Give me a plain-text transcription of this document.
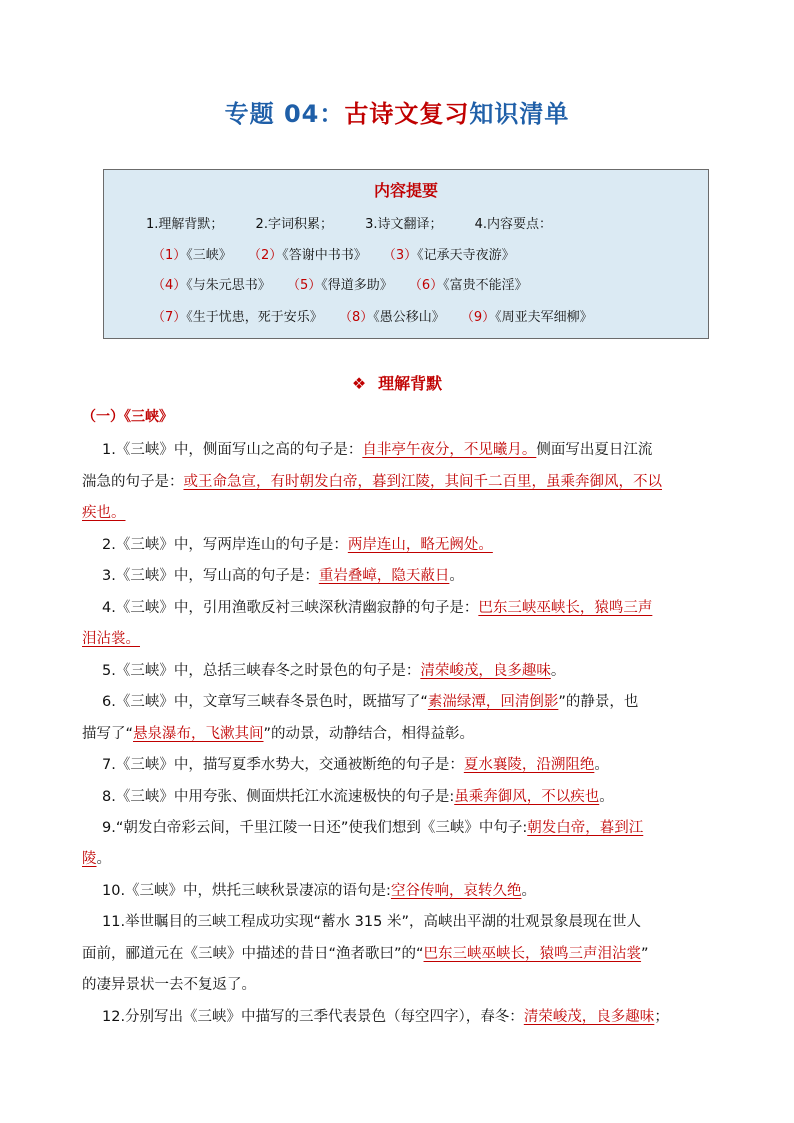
专题 04：古诗文复习知识清单
内容提要
1.理解背默； 2.字词积累； 3.诗文翻译； 4.内容要点：
（1）《三峡》 （2）《答谢中书书》 （3）《记承天寺夜游》
（4）《与朱元思书》 （5）《得道多助》 （6）《富贵不能淫》
（7）《生于忧患，死于安乐》 （8）《愚公移山》 （9）《周亚夫军细柳》
❖ 理解背默
（一）《三峡》
1.《三峡》中，侧面写山之高的句子是：自非亭午夜分，不见曦月。侧面写出夏日江流
湍急的句子是：或王命急宣，有时朝发白帝，暮到江陵，其间千二百里，虽乘奔御风，不以
疾也。
2.《三峡》中，写两岸连山的句子是：两岸连山，略无阙处。
3.《三峡》中，写山高的句子是：重岩叠嶂，隐天蔽日。
4.《三峡》中，引用渔歌反衬三峡深秋清幽寂静的句子是：巴东三峡巫峡长，猿鸣三声
泪沾裳。
5.《三峡》中，总括三峡春冬之时景色的句子是：清荣峻茂，良多趣味。
6.《三峡》中，文章写三峡春冬景色时，既描写了“素湍绿潭，回清倒影”的静景，也
描写了“悬泉瀑布，飞漱其间”的动景，动静结合，相得益彰。
7.《三峡》中，描写夏季水势大，交通被断绝的句子是：夏水襄陵，沿溯阻绝。
8.《三峡》中用夸张、侧面烘托江水流速极快的句子是:虽乘奔御风，不以疾也。
9.“朝发白帝彩云间，千里江陵一日还”使我们想到《三峡》中句子:朝发白帝，暮到江
陵。
10.《三峡》中，烘托三峡秋景凄凉的语句是:空谷传响，哀转久绝。
11.举世瞩目的三峡工程成功实现“蓄水 315 米”，高峡出平湖的壮观景象晨现在世人
面前，郦道元在《三峡》中描述的昔日“渔者歌曰”的“巴东三峡巫峡长，猿鸣三声泪沾裳”
的凄异景状一去不复返了。
12.分别写出《三峡》中描写的三季代表景色（每空四字），春冬：清荣峻茂，良多趣味；
